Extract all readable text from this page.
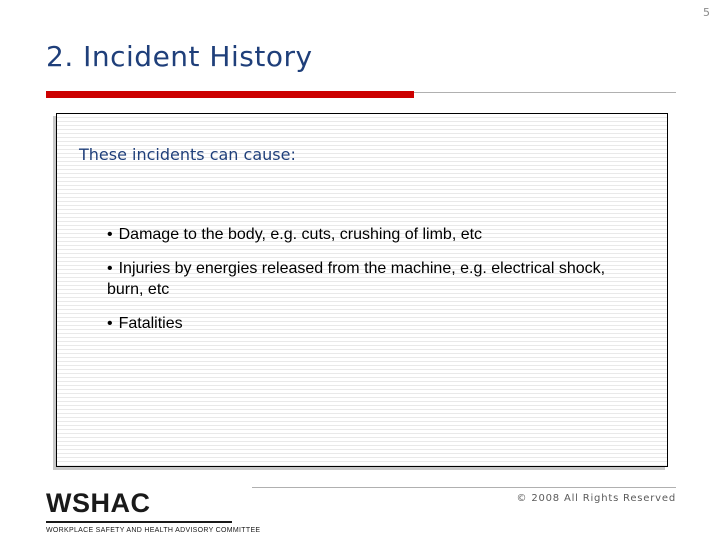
5
2. Incident History
These incidents can cause:
• Damage to the body, e.g. cuts, crushing of limb, etc
• Injuries by energies released from the machine, e.g. electrical shock, burn, etc
• Fatalities
WSHAC
WORKPLACE SAFETY AND HEALTH ADVISORY COMMITTEE
© 2008 All Rights Reserved
